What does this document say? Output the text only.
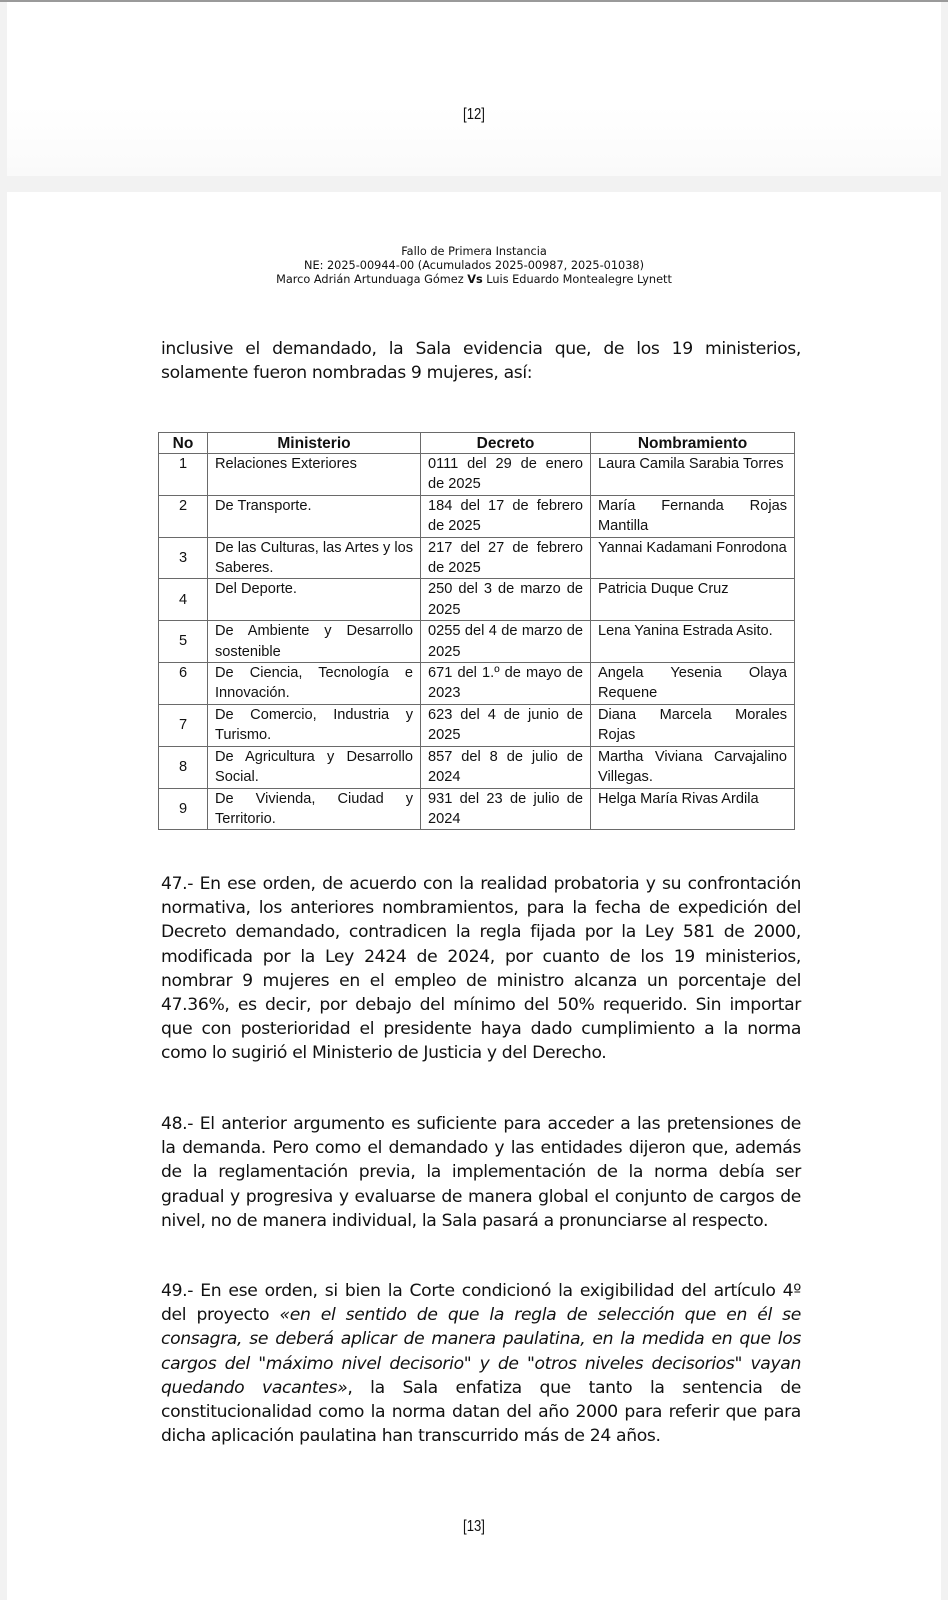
[12]
Fallo de Primera Instancia
NE: 2025-00944-00 (Acumulados 2025-00987, 2025-01038)
Marco Adrián Artunduaga Gómez Vs Luis Eduardo Montealegre Lynett

inclusive el demandado, la Sala evidencia que, de los 19 ministerios, solamente fueron nombradas 9 mujeres, así:

No	Ministerio	Decreto	Nombramiento
1	Relaciones Exteriores	0111 del 29 de enero de 2025	Laura Camila Sarabia Torres
2	De Transporte.	184 del 17 de febrero de 2025	María Fernanda Rojas Mantilla
3	De las Culturas, las Artes y los Saberes.	217 del 27 de febrero de 2025	Yannai Kadamani Fonrodona
4	Del Deporte.	250 del 3 de marzo de 2025	Patricia Duque Cruz
5	De Ambiente y Desarrollo sostenible	0255 del 4 de marzo de 2025	Lena Yanina Estrada Asito.
6	De Ciencia, Tecnología e Innovación.	671 del 1.º de mayo de 2023	Angela Yesenia Olaya Requene
7	De Comercio, Industria y Turismo.	623 del 4 de junio de 2025	Diana Marcela Morales Rojas
8	De Agricultura y Desarrollo Social.	857 del 8 de julio de 2024	Martha Viviana Carvajalino Villegas.
9	De Vivienda, Ciudad y Territorio.	931 del 23 de julio de 2024	Helga María Rivas Ardila

47.- En ese orden, de acuerdo con la realidad probatoria y su confrontación normativa, los anteriores nombramientos, para la fecha de expedición del Decreto demandado, contradicen la regla fijada por la Ley 581 de 2000, modificada por la Ley 2424 de 2024, por cuanto de los 19 ministerios, nombrar 9 mujeres en el empleo de ministro alcanza un porcentaje del 47.36%, es decir, por debajo del mínimo del 50% requerido. Sin importar que con posterioridad el presidente haya dado cumplimiento a la norma como lo sugirió el Ministerio de Justicia y del Derecho.

48.- El anterior argumento es suficiente para acceder a las pretensiones de la demanda. Pero como el demandado y las entidades dijeron que, además de la reglamentación previa, la implementación de la norma debía ser gradual y progresiva y evaluarse de manera global el conjunto de cargos de nivel, no de manera individual, la Sala pasará a pronunciarse al respecto.

49.- En ese orden, si bien la Corte condicionó la exigibilidad del artículo 4º del proyecto «en el sentido de que la regla de selección que en él se consagra, se deberá aplicar de manera paulatina, en la medida en que los cargos del "máximo nivel decisorio" y de "otros niveles decisorios" vayan quedando vacantes», la Sala enfatiza que tanto la sentencia de constitucionalidad como la norma datan del año 2000 para referir que para dicha aplicación paulatina han transcurrido más de 24 años.

[13]
